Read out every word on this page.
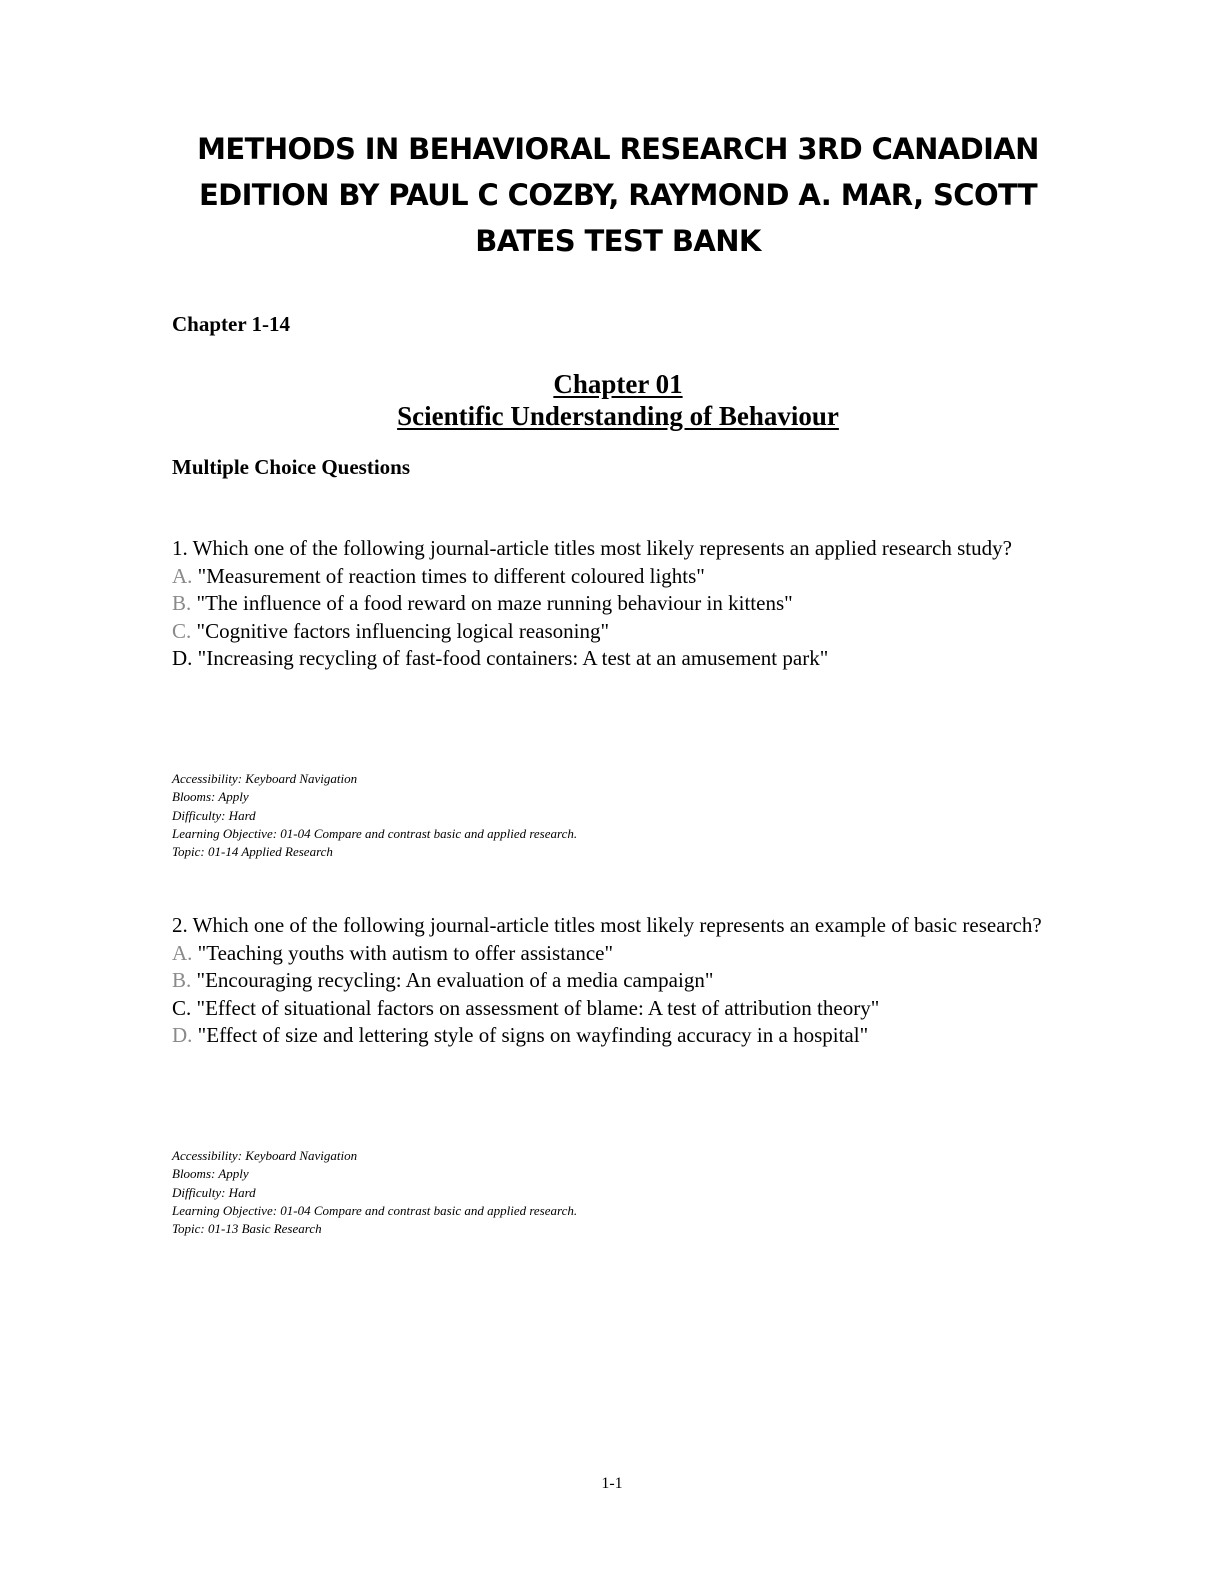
METHODS IN BEHAVIORAL RESEARCH 3RD CANADIAN
EDITION BY PAUL C COZBY, RAYMOND A. MAR, SCOTT
BATES TEST BANK

Chapter 1-14

Chapter 01
Scientific Understanding of Behaviour

Multiple Choice Questions

1. Which one of the following journal-article titles most likely represents an applied research study?

A. "Measurement of reaction times to different coloured lights"

B. "The influence of a food reward on maze running behaviour in kittens"

C. "Cognitive factors influencing logical reasoning"

D. "Increasing recycling of fast-food containers: A test at an amusement park"

Accessibility: Keyboard Navigation
Blooms: Apply
Difficulty: Hard
Learning Objective: 01-04 Compare and contrast basic and applied research.
Topic: 01-14 Applied Research

2. Which one of the following journal-article titles most likely represents an example of basic research?

A. "Teaching youths with autism to offer assistance"

B. "Encouraging recycling: An evaluation of a media campaign"

C. "Effect of situational factors on assessment of blame: A test of attribution theory"

D. "Effect of size and lettering style of signs on wayfinding accuracy in a hospital"

Accessibility: Keyboard Navigation
Blooms: Apply
Difficulty: Hard
Learning Objective: 01-04 Compare and contrast basic and applied research.
Topic: 01-13 Basic Research
1-1
